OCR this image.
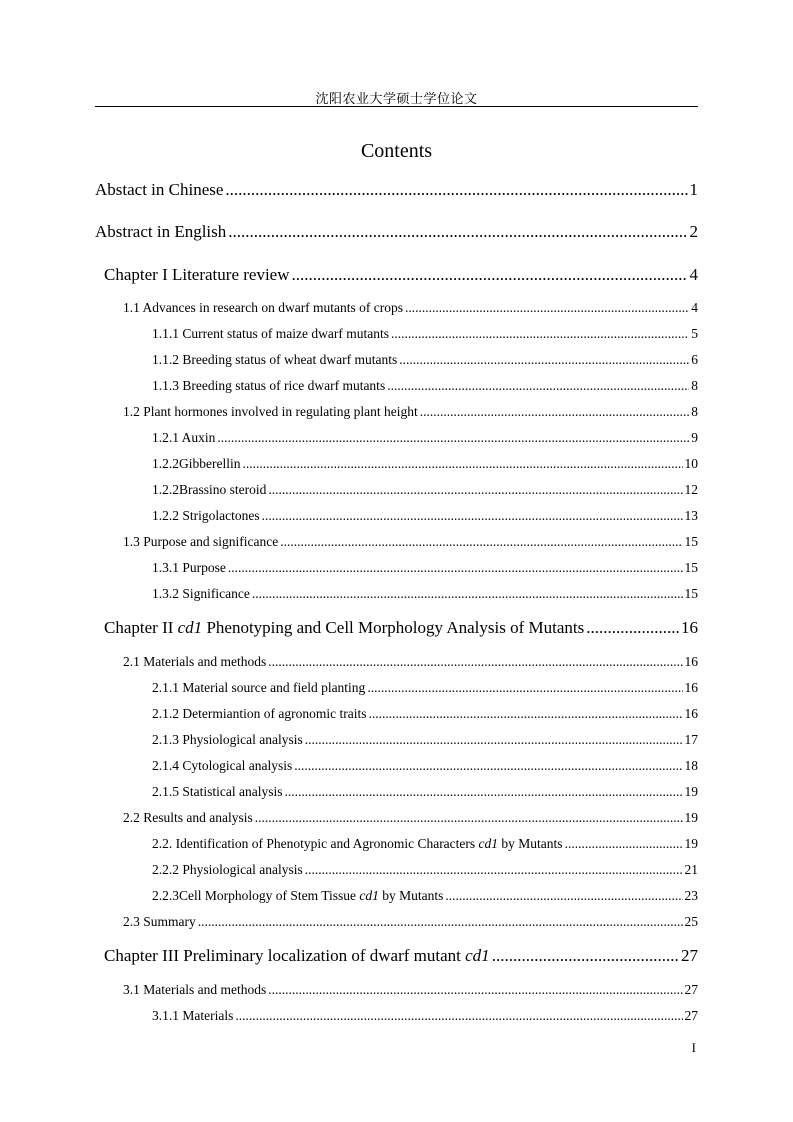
沈阳农业大学硕士学位论文
Contents
Abstact in Chinese .....	1
Abstract in English .....	2
Chapter I Literature review .....	4
1.1 Advances in research on dwarf mutants of crops .....	4
1.1.1 Current status of maize dwarf mutants .....	5
1.1.2 Breeding status of wheat dwarf mutants .....	6
1.1.3 Breeding status of rice dwarf mutants .....	8
1.2 Plant hormones involved in regulating plant height .....	8
1.2.1 Auxin .....	9
1.2.2Gibberellin .....	10
1.2.2Brassino steroid .....	12
1.2.2 Strigolactones .....	13
1.3 Purpose and significance .....	15
1.3.1 Purpose .....	15
1.3.2 Significance .....	15
Chapter II cd1 Phenotyping and Cell Morphology Analysis of Mutants .....	16
2.1 Materials and methods .....	16
2.1.1 Material source and field planting .....	16
2.1.2 Determiantion of agronomic traits .....	16
2.1.3 Physiological analysis .....	17
2.1.4 Cytological analysis .....	18
2.1.5 Statistical analysis .....	19
2.2 Results and analysis .....	19
2.2. Identification of Phenotypic and Agronomic Characters cd1 by Mutants .....	19
2.2.2 Physiological analysis .....	21
2.2.3Cell Morphology of Stem Tissue cd1 by Mutants .....	23
2.3 Summary .....	25
Chapter III Preliminary localization of dwarf mutant cd1 .....	27
3.1 Materials and methods .....	27
3.1.1 Materials .....	27
I
